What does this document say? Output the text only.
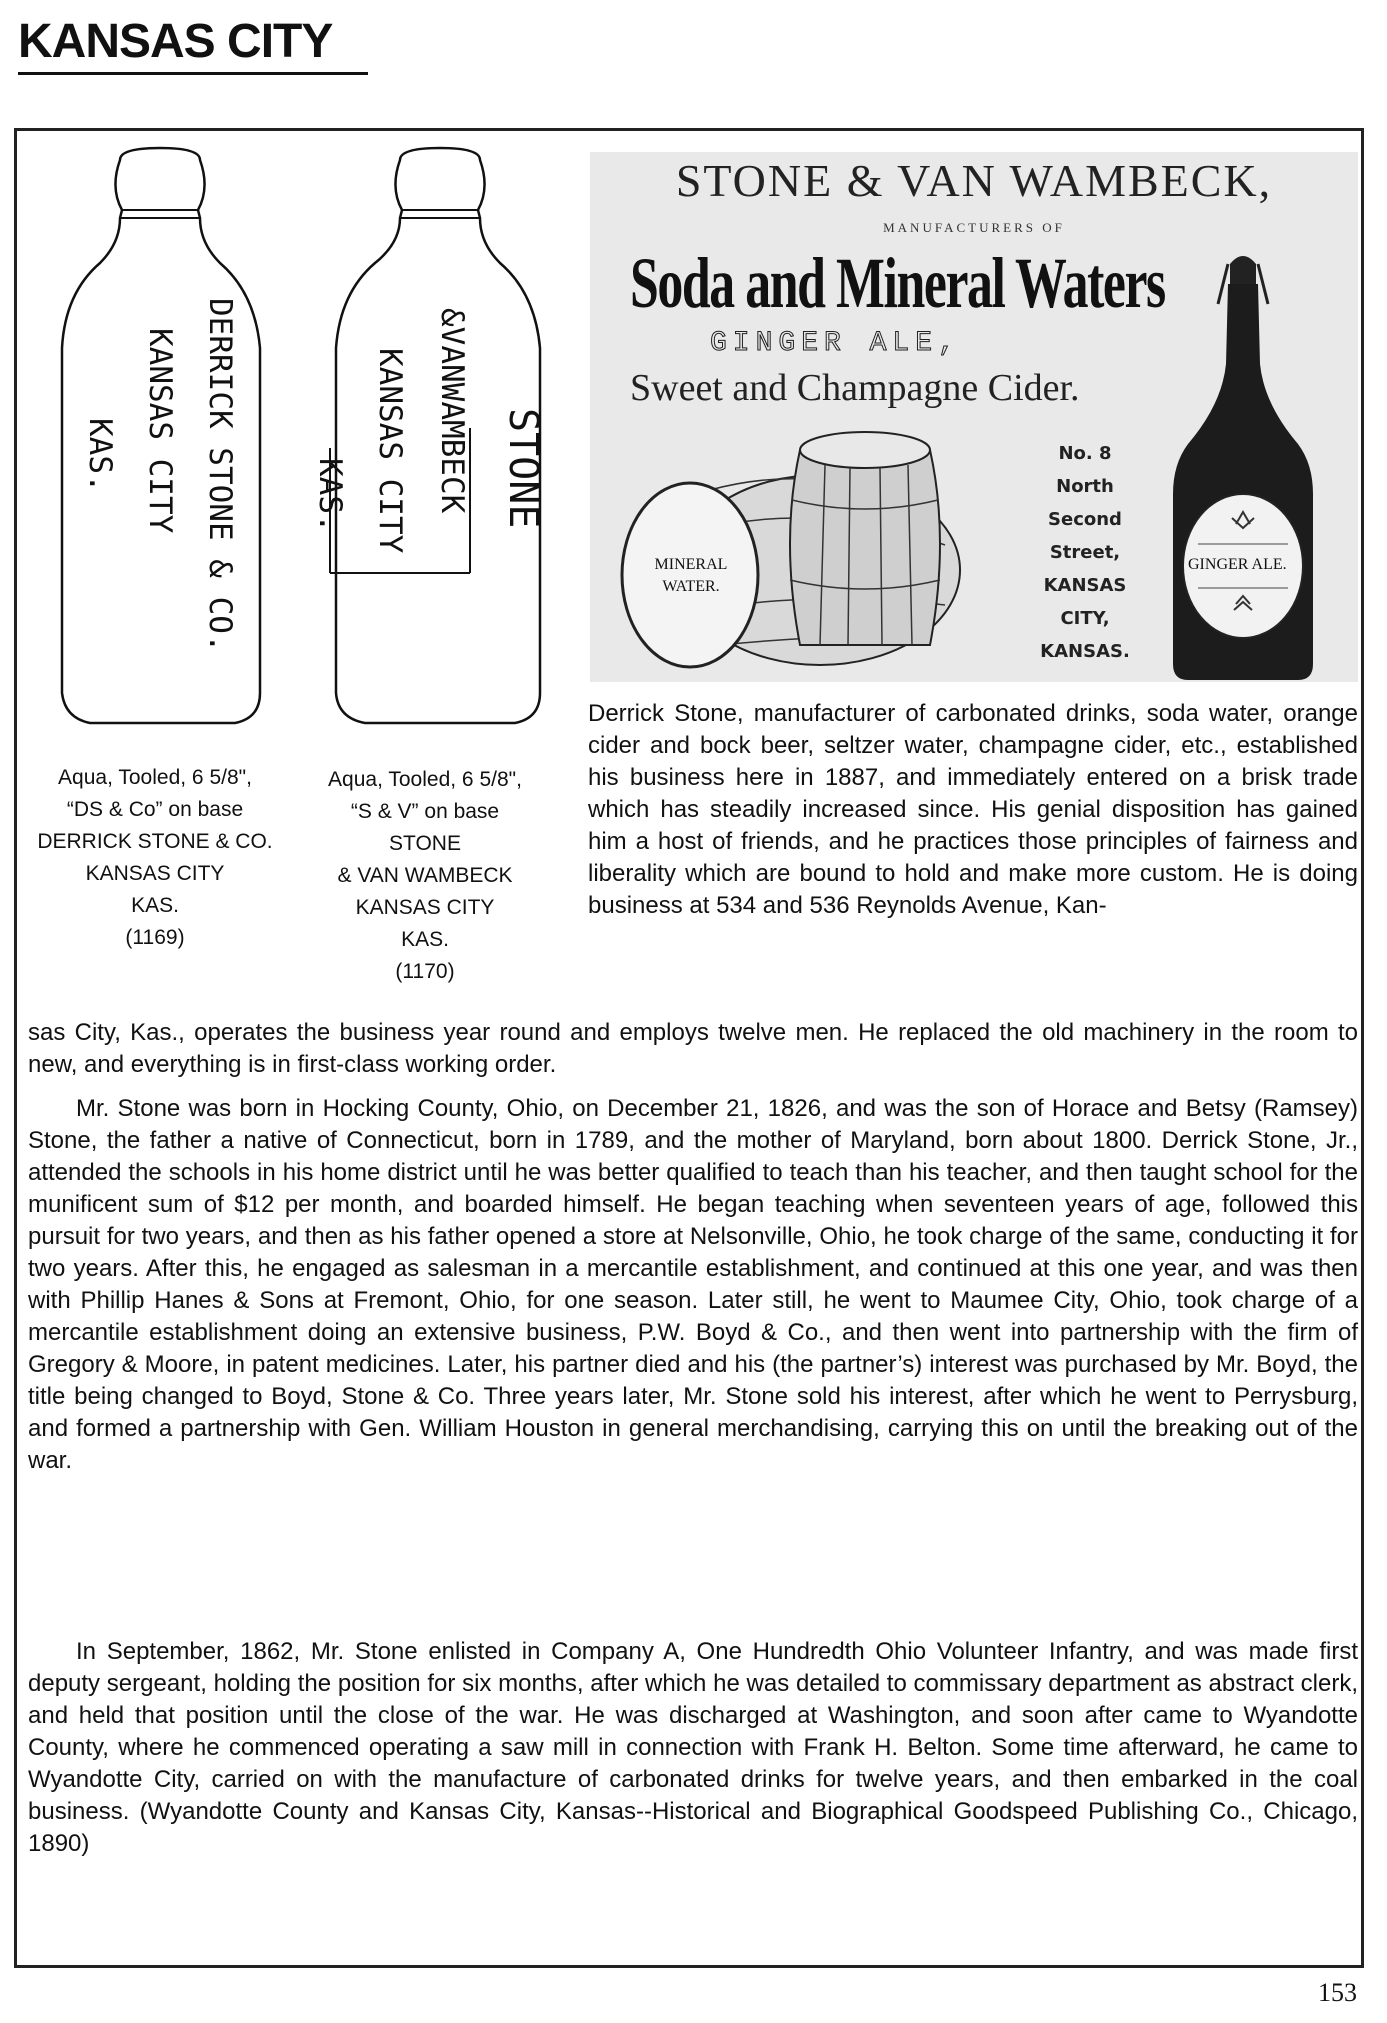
KANSAS CITY
DERRICK STONE & CO.
KANSAS CITY
KAS.	STONE
&VANWAMBECK
KANSAS CITY
KAS.
Aqua, Tooled, 6 5/8",
“DS & Co” on base
DERRICK STONE & CO.
KANSAS CITY
KAS.
(1169)
Aqua, Tooled, 6 5/8",
“S & V” on base
STONE
& VAN WAMBECK
KANSAS CITY
KAS.
(1170)
STONE & VAN WAMBECK,
MANUFACTURERS OF
Soda and Mineral Waters
GINGER ALE,
Sweet and Champagne Cider.
MINERAL
WATER.
No. 8
North
Second
Street,
KANSAS
CITY,
KANSAS.
GINGER ALE.
Derrick Stone, manufacturer of carbonated drinks, soda water, orange cider and bock beer, seltzer water, champagne cider, etc., established his business here in 1887, and immediately entered on a brisk trade which has steadily increased since. His genial disposition has gained him a host of friends, and he practices those principles of fairness and liberality which are bound to hold and make more custom. He is doing business at 534 and 536 Reynolds Avenue, Kan-
sas City, Kas., operates the business year round and employs twelve men. He replaced the old machinery in the room to new, and everything is in first-class working order.
Mr. Stone was born in Hocking County, Ohio, on December 21, 1826, and was the son of Horace and Betsy (Ramsey) Stone, the father a native of Connecticut, born in 1789, and the mother of Maryland, born about 1800. Derrick Stone, Jr., attended the schools in his home district until he was better qualified to teach than his teacher, and then taught school for the munificent sum of $12 per month, and boarded himself. He began teaching when seventeen years of age, followed this pursuit for two years, and then as his father opened a store at Nelsonville, Ohio, he took charge of the same, conducting it for two years. After this, he engaged as salesman in a mercantile establishment, and continued at this one year, and was then with Phillip Hanes & Sons at Fremont, Ohio, for one season. Later still, he went to Maumee City, Ohio, took charge of a mercantile establishment doing an extensive business, P.W. Boyd & Co., and then went into partnership with the firm of Gregory & Moore, in patent medicines. Later, his partner died and his (the partner’s) interest was purchased by Mr. Boyd, the title being changed to Boyd, Stone & Co. Three years later, Mr. Stone sold his interest, after which he went to Perrysburg, and formed a partnership with Gen. William Houston in general merchandising, carrying this on until the breaking out of the war.
In September, 1862, Mr. Stone enlisted in Company A, One Hundredth Ohio Volunteer Infantry, and was made first deputy sergeant, holding the position for six months, after which he was detailed to commissary department as abstract clerk, and held that position until the close of the war. He was discharged at Washington, and soon after came to Wyandotte County, where he commenced operating a saw mill in connection with Frank H. Belton. Some time afterward, he came to Wyandotte City, carried on with the manufacture of carbonated drinks for twelve years, and then embarked in the coal business. (Wyandotte County and Kansas City, Kansas--Historical and Biographical Goodspeed Publishing Co., Chicago, 1890)
153
